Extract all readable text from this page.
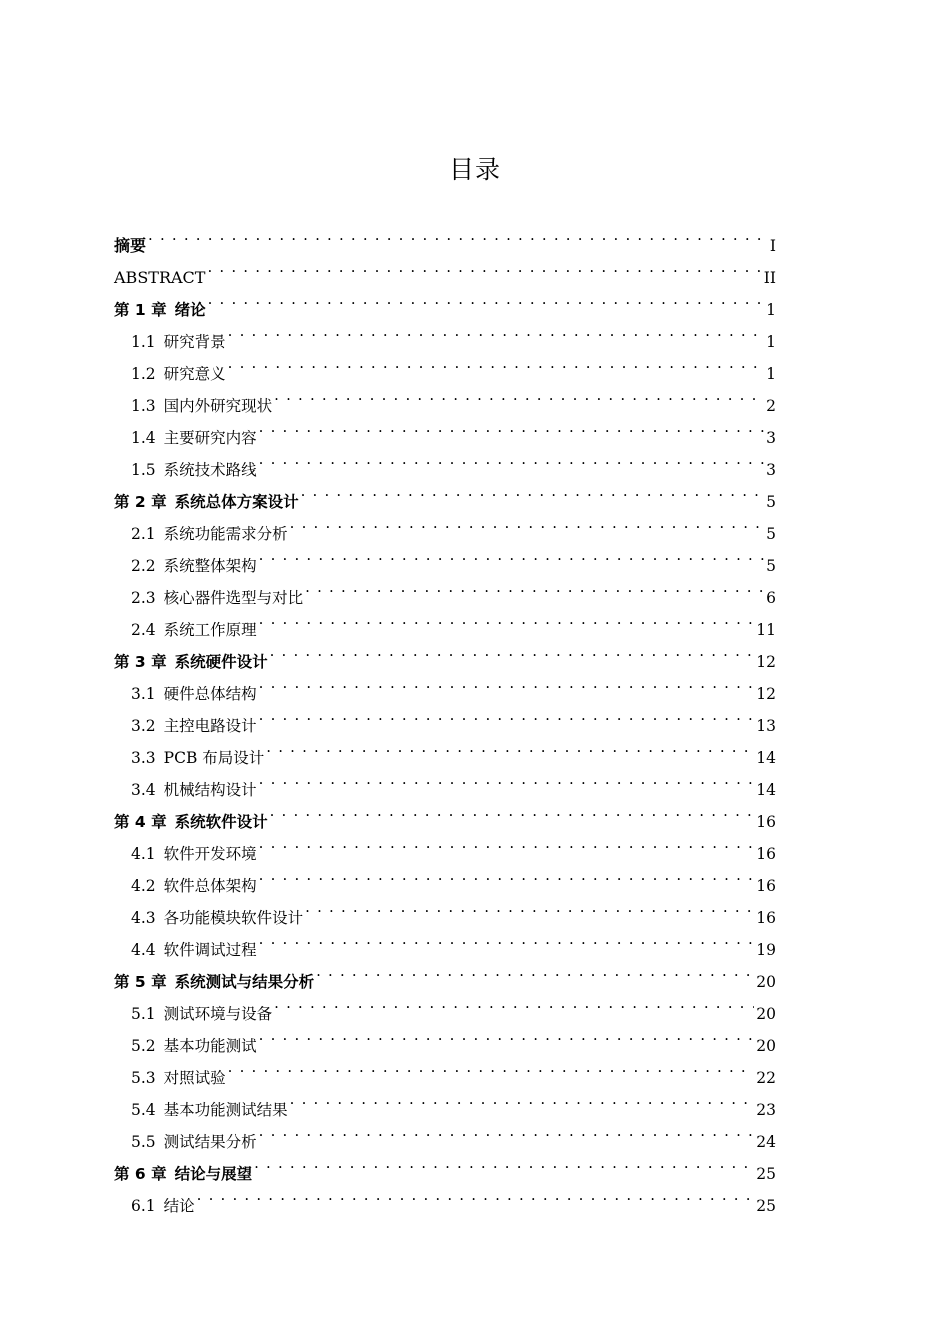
目录
摘要 . . .	I
ABSTRACT . . .	II
第 1 章 绪论 . . .	1
1.1 研究背景 . . .	1
1.2 研究意义 . . .	1
1.3 国内外研究现状 . . .	2
1.4 主要研究内容 . . .	3
1.5 系统技术路线 . . .	3
第 2 章 系统总体方案设计 . . .	5
2.1 系统功能需求分析 . . .	5
2.2 系统整体架构 . . .	5
2.3 核心器件选型与对比 . . .	6
2.4 系统工作原理 . . .	11
第 3 章 系统硬件设计 . . .	12
3.1 硬件总体结构 . . .	12
3.2 主控电路设计 . . .	13
3.3 PCB 布局设计 . . .	14
3.4 机械结构设计 . . .	14
第 4 章 系统软件设计 . . .	16
4.1 软件开发环境 . . .	16
4.2 软件总体架构 . . .	16
4.3 各功能模块软件设计 . . .	16
4.4 软件调试过程 . . .	19
第 5 章 系统测试与结果分析 . . .	20
5.1 测试环境与设备 . . .	20
5.2 基本功能测试 . . .	20
5.3 对照试验 . . .	22
5.4 基本功能测试结果 . . .	23
5.5 测试结果分析 . . .	24
第 6 章 结论与展望 . . .	25
6.1 结论 . . .	25
